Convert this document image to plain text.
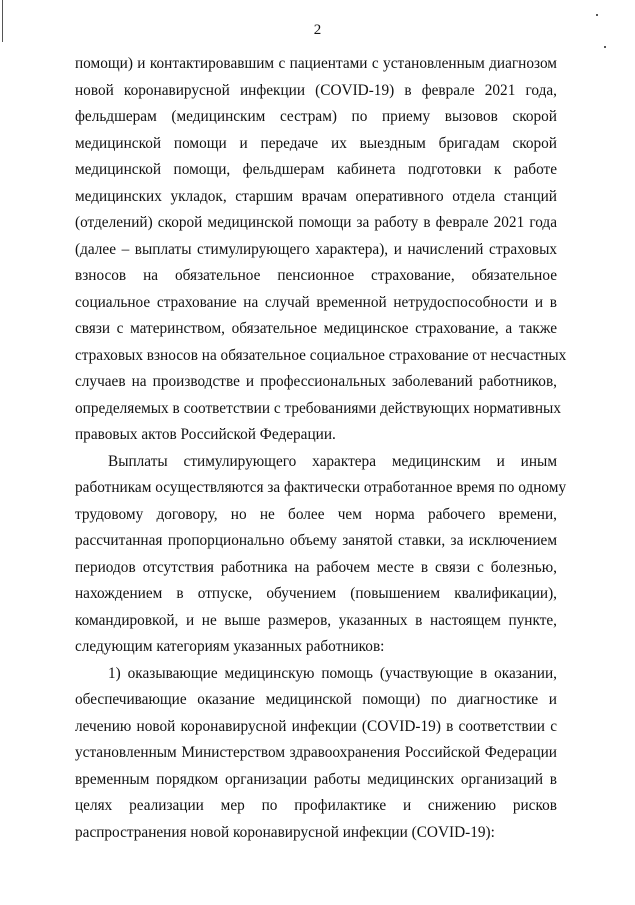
2
помощи) и контактировавшим с пациентами с установленным диагнозом
новой коронавирусной инфекции (COVID-19) в феврале 2021 года,
фельдшерам (медицинским сестрам) по приему вызовов скорой
медицинской помощи и передаче их выездным бригадам скорой
медицинской помощи, фельдшерам кабинета подготовки к работе
медицинских укладок, старшим врачам оперативного отдела станций
(отделений) скорой медицинской помощи за работу в феврале 2021 года
(далее – выплаты стимулирующего характера), и начислений страховых
взносов на обязательное пенсионное страхование, обязательное
социальное страхование на случай временной нетрудоспособности и в
связи с материнством, обязательное медицинское страхование, а также
страховых взносов на обязательное социальное страхование от несчастных
случаев на производстве и профессиональных заболеваний работников,
определяемых в соответствии с требованиями действующих нормативных
правовых актов Российской Федерации.
Выплаты стимулирующего характера медицинским и иным
работникам осуществляются за фактически отработанное время по одному
трудовому договору, но не более чем норма рабочего времени,
рассчитанная пропорционально объему занятой ставки, за исключением
периодов отсутствия работника на рабочем месте в связи с болезнью,
нахождением в отпуске, обучением (повышением квалификации),
командировкой, и не выше размеров, указанных в настоящем пункте,
следующим категориям указанных работников:
1) оказывающие медицинскую помощь (участвующие в оказании,
обеспечивающие оказание медицинской помощи) по диагностике и
лечению новой коронавирусной инфекции (COVID-19) в соответствии с
установленным Министерством здравоохранения Российской Федерации
временным порядком организации работы медицинских организаций в
целях реализации мер по профилактике и снижению рисков
распространения новой коронавирусной инфекции (COVID-19):
